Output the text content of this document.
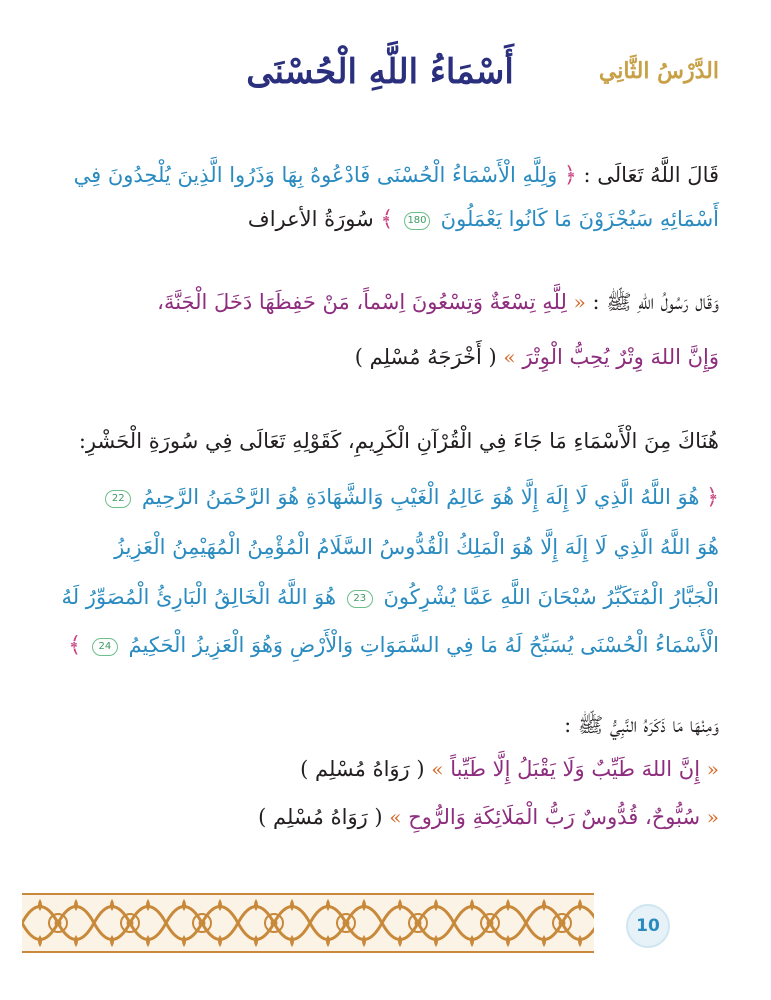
الدَّرْسُ الثَّانِي
أَسْمَاءُ اللَّهِ الْحُسْنَى
قَالَ اللَّهُ تَعَالَى : ﴿ وَلِلَّهِ الْأَسْمَاءُ الْحُسْنَى فَادْعُوهُ بِهَا وَذَرُوا الَّذِينَ يُلْحِدُونَ فِي
أَسْمَائِهِ سَيُجْزَوْنَ مَا كَانُوا يَعْمَلُونَ 180 ﴾ سُورَةُ الأعراف
وَقَال رَسُولُ اللهِ ﷺ : « لِلَّهِ تِسْعَةٌ وَتِسْعُونَ اِسْماً، مَنْ حَفِظَهَا دَخَلَ الْجَنَّةَ،
وَإِنَّ اللهَ وِتْرٌ يُحِبُّ الْوِتْرَ » ( أَخْرَجَهُ مُسْلِم )
هُنَاكَ مِنَ الْأَسْمَاءِ مَا جَاءَ فِي الْقُرْآنِ الْكَرِيمِ، كَقَوْلِهِ تَعَالَى فِي سُورَةِ الْحَشْرِ:
﴿ هُوَ اللَّهُ الَّذِي لَا إِلَهَ إِلَّا هُوَ عَالِمُ الْغَيْبِ وَالشَّهَادَةِ هُوَ الرَّحْمَنُ الرَّحِيمُ 22
هُوَ اللَّهُ الَّذِي لَا إِلَهَ إِلَّا هُوَ الْمَلِكُ الْقُدُّوسُ السَّلَامُ الْمُؤْمِنُ الْمُهَيْمِنُ الْعَزِيزُ
الْجَبَّارُ الْمُتَكَبِّرُ سُبْحَانَ اللَّهِ عَمَّا يُشْرِكُونَ 23 هُوَ اللَّهُ الْخَالِقُ الْبَارِئُ الْمُصَوِّرُ لَهُ
الْأَسْمَاءُ الْحُسْنَى يُسَبِّحُ لَهُ مَا فِي السَّمَوَاتِ وَالْأَرْضِ وَهُوَ الْعَزِيزُ الْحَكِيمُ 24 ﴾
وَمِنْهَا مَا ذَكَرَهُ النَّبِيُّ ﷺ :
« إِنَّ اللهَ طَيِّبٌ وَلَا يَقْبَلُ إِلَّا طَيِّباً » ( رَوَاهُ مُسْلِم )
« سُبُّوحٌ، قُدُّوسٌ رَبُّ الْمَلَائِكَةِ وَالرُّوحِ » ( رَوَاهُ مُسْلِم )
10
